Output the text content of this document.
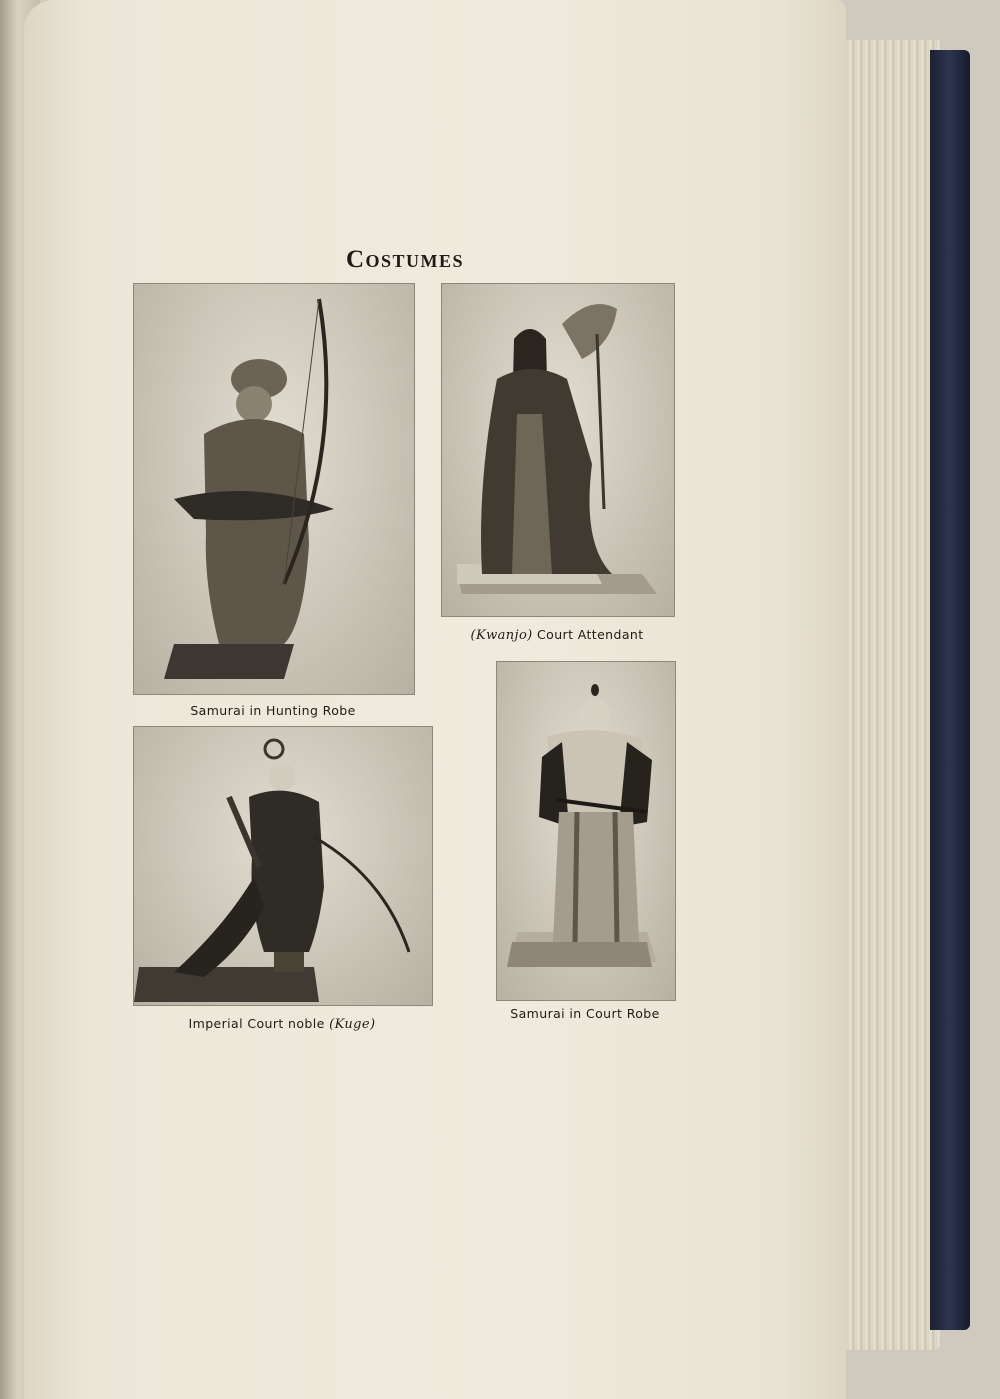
Costumes
Samurai in Hunting Robe
(Kwanjo) Court Attendant
Imperial Court noble (Kuge)
Samurai in Court Robe
